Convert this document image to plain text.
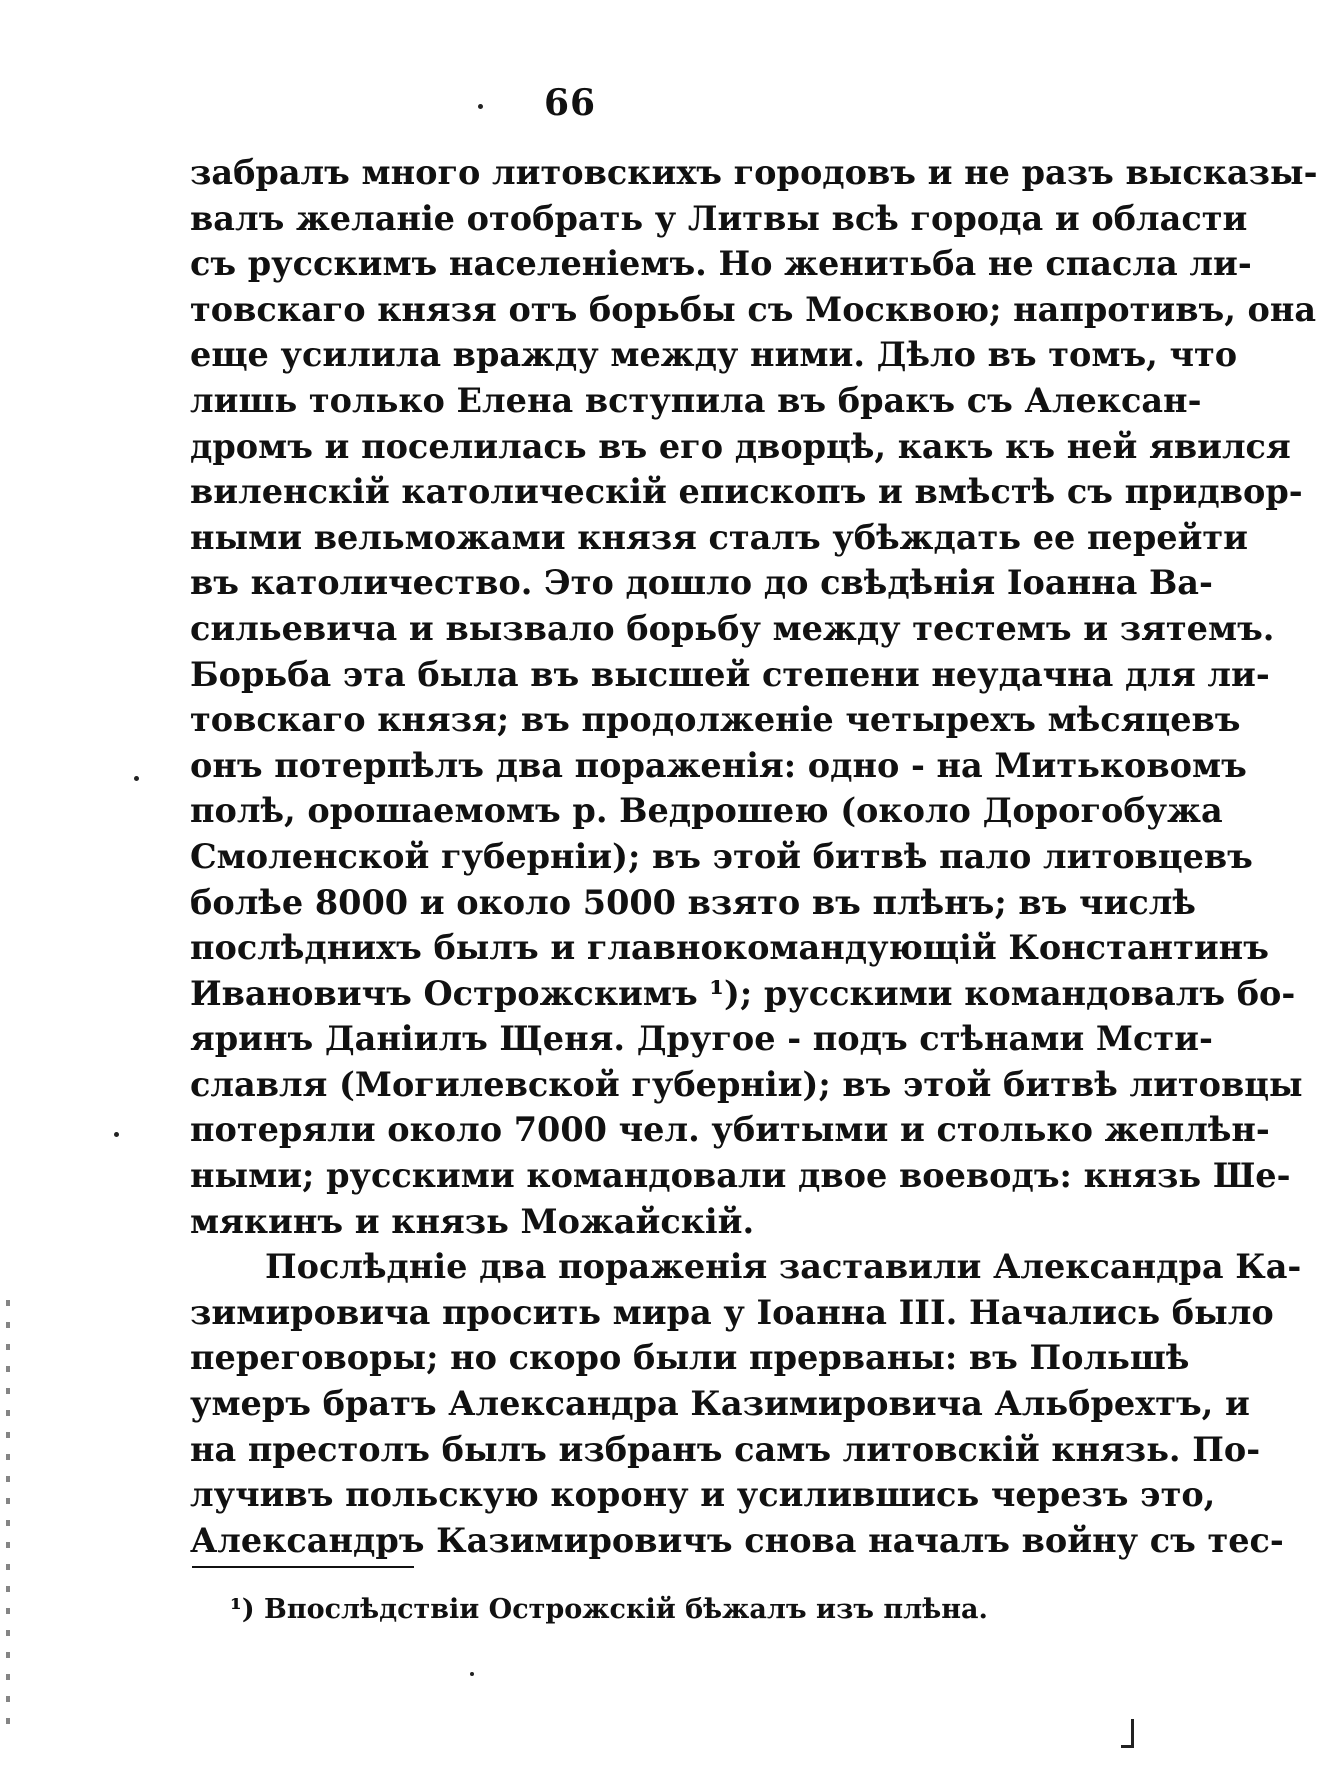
66
забралъ много литовскихъ городовъ и не разъ высказы-
валъ желаніе отобрать у Литвы всѣ города и области
съ русскимъ населеніемъ. Но женитьба не спасла ли-
товскаго князя отъ борьбы съ Москвою; напротивъ, она
еще усилила вражду между ними. Дѣло въ томъ, что
лишь только Елена вступила въ бракъ съ Алексан-
дромъ и поселилась въ его дворцѣ, какъ къ ней явился
виленскій католическій епископъ и вмѣстѣ съ придвор-
ными вельможами князя сталъ убѣждать ее перейти
въ католичество. Это дошло до свѣдѣнія Іоанна Ва-
сильевича и вызвало борьбу между тестемъ и зятемъ.
Борьба эта была въ высшей степени неудачна для ли-
товскаго князя; въ продолженіе четырехъ мѣсяцевъ
онъ потерпѣлъ два пораженія: одно - на Митьковомъ
полѣ, орошаемомъ р. Ведрошею (около Дорогобужа
Смоленской губерніи); въ этой битвѣ пало литовцевъ
болѣе 8000 и около 5000 взято въ плѣнъ; въ числѣ
послѣднихъ былъ и главнокомандующій Константинъ
Ивановичъ Острожскимъ ¹); русскими командовалъ бо-
яринъ Даніилъ Щеня. Другое - подъ стѣнами Мсти-
славля (Могилевской губерніи); въ этой битвѣ литовцы
потеряли около 7000 чел. убитыми и столько жеплѣн-
ными; русскими командовали двое воеводъ: князь Ше-
мякинъ и князь Можайскій.
Послѣдніе два пораженія заставили Александра Ка-
зимировича просить мира у Іоанна III. Начались было
переговоры; но скоро были прерваны: въ Польшѣ
умеръ братъ Александра Казимировича Альбрехтъ, и
на престолъ былъ избранъ самъ литовскій князь. По-
лучивъ польскую корону и усилившись черезъ это,
Александръ Казимировичъ снова началъ войну съ тес-
¹) Впослѣдствіи Острожскій бѣжалъ изъ плѣна.
